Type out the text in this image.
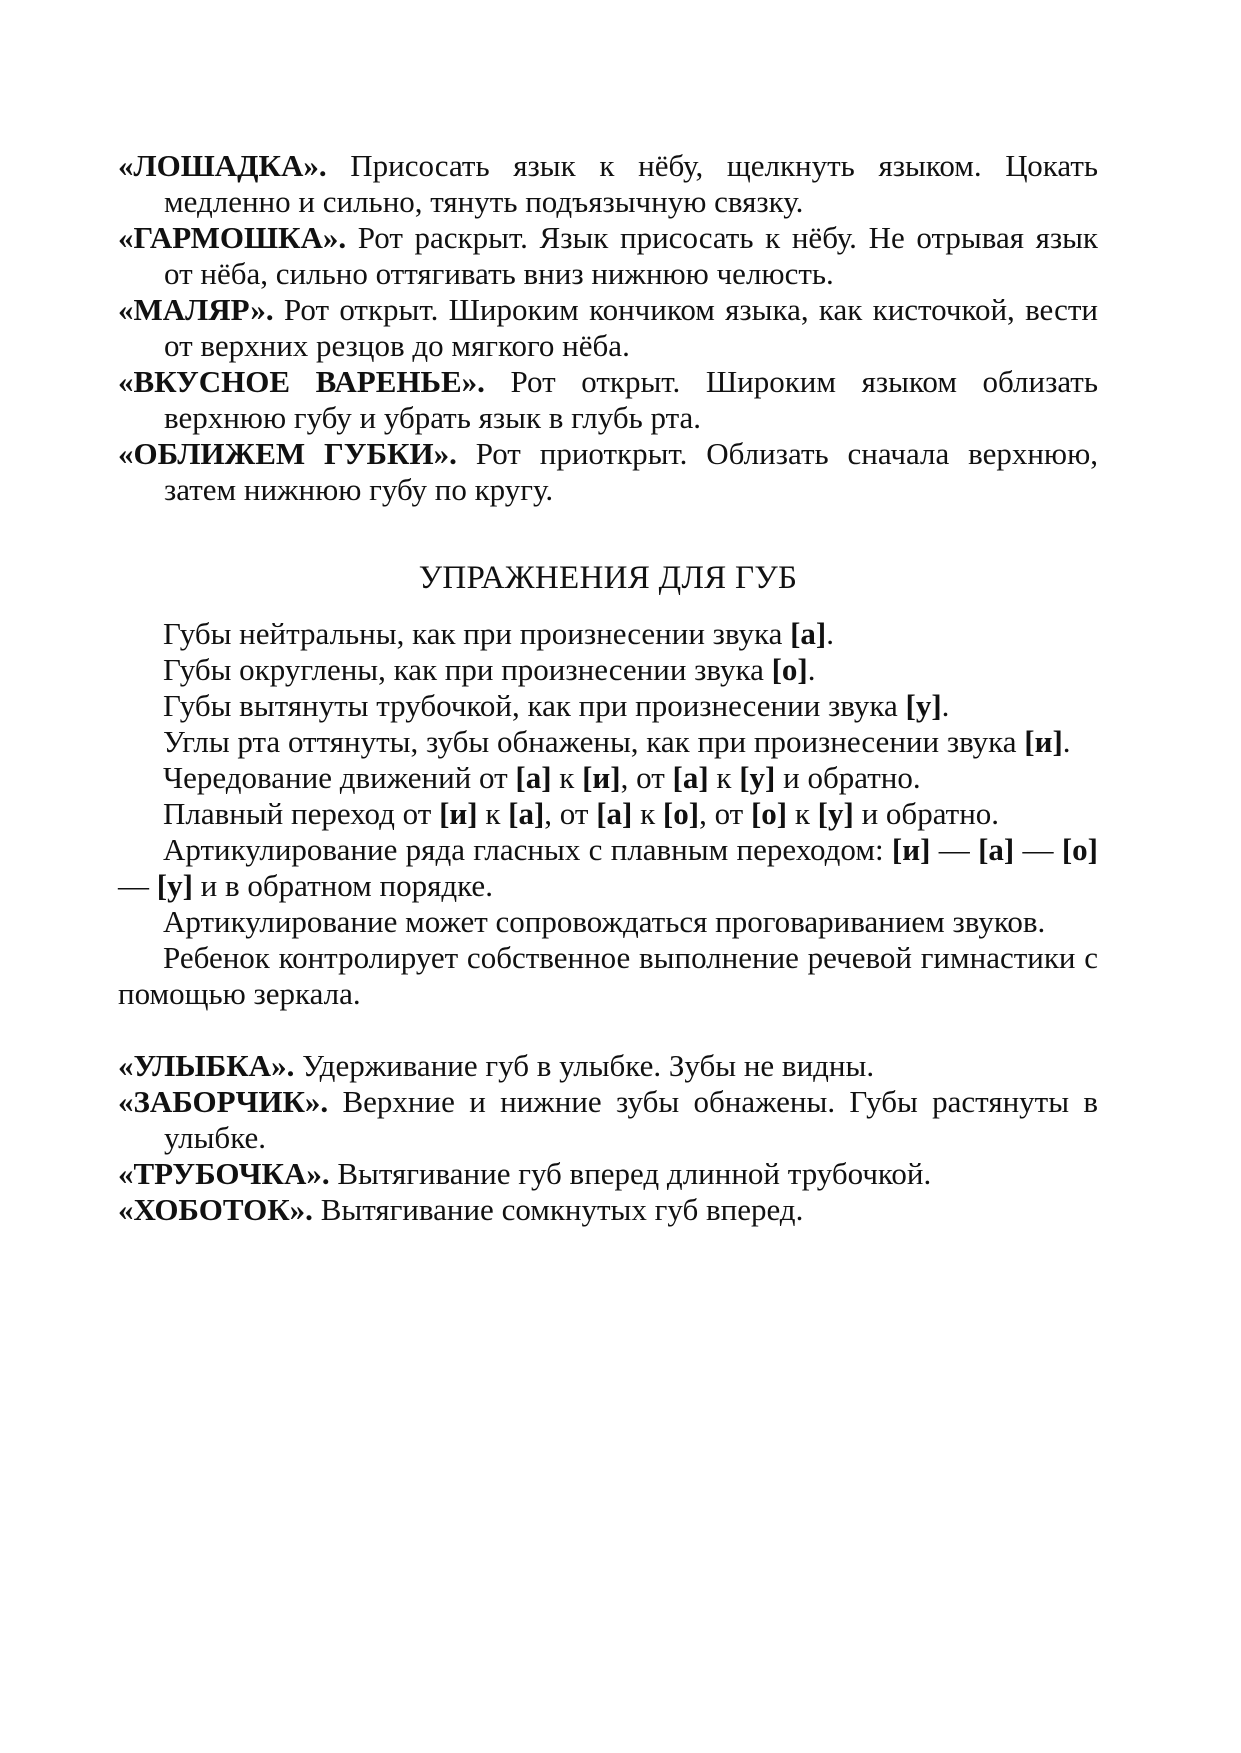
«ЛОШАДКА». Присосать язык к нёбу, щелкнуть языком. Цокать медленно и сильно, тянуть подъязычную связку.

«ГАРМОШКА». Рот раскрыт. Язык присосать к нёбу. Не отрывая язык от нёба, сильно оттягивать вниз нижнюю челюсть.

«МАЛЯР». Рот открыт. Широким кончиком языка, как кисточкой, вести от верхних резцов до мягкого нёба.

«ВКУСНОЕ ВАРЕНЬЕ». Рот открыт. Широким языком облизать верхнюю губу и убрать язык в глубь рта.

«ОБЛИЖЕМ ГУБКИ». Рот приоткрыт. Облизать сначала верхнюю, затем нижнюю губу по кругу.

УПРАЖНЕНИЯ ДЛЯ ГУБ

Губы нейтральны, как при произнесении звука [а].

Губы округлены, как при произнесении звука [о].

Губы вытянуты трубочкой, как при произнесении звука [у].

Углы рта оттянуты, зубы обнажены, как при произнесении звука [и].

Чередование движений от [а] к [и], от [а] к [у] и обратно.

Плавный переход от [и] к [а], от [а] к [о], от [о] к [у] и обратно.

Артикулирование ряда гласных с плавным переходом: [и] — [а] — [о] — [у] и в обратном порядке.

Артикулирование может сопровождаться проговариванием звуков.

Ребенок контролирует собственное выполнение речевой гимнастики с помощью зеркала.

«УЛЫБКА». Удерживание губ в улыбке. Зубы не видны.

«ЗАБОРЧИК». Верхние и нижние зубы обнажены. Губы растянуты в улыбке.

«ТРУБОЧКА». Вытягивание губ вперед длинной трубочкой.

«ХОБОТОК». Вытягивание сомкнутых губ вперед.
